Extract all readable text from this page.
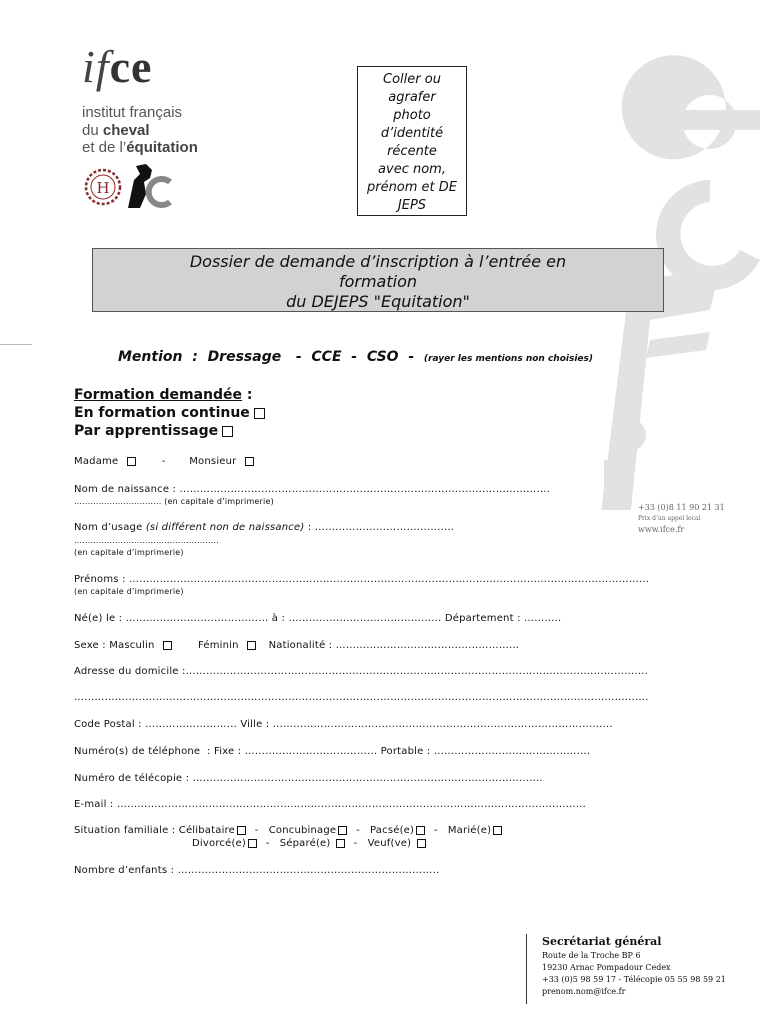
ifce
institut français
du cheval
et de l’équitation
H
Coller ou
agrafer
photo
d’identité
récente
avec nom,
prénom et DE
JEPS
Dossier de demande d’inscription à l’entrée en
formation
du DEJEPS "Equitation"
Mention  :  Dressage   -  CCE  -  CSO  -  (rayer les mentions non choisies)
Formation demandée :
En formation continue
Par apprentissage
Madame	- Monsieur
Nom de naissance : ……………………………………………………………………………………………….
………………………….. (en capitale d’imprimerie)
Nom d’usage (si différent non de naissance) : …………………………………..
……………………………………………..
(en capitale d’imprimerie)
Prénoms : ………………………………………………………………………………………………………………………………………
(en capitale d’imprimerie)
Né(e) le : …………………………………… à : ……………………………………… Département : ………..
Sexe : Masculin	Féminin	Nationalité : ………………………………………………
Adresse du domicile :……………………………………………………………………………………………………………………….
…………………………………………………………………………………………………………………………………………………….
Code Postal : ……………………… Ville : ……………………………………………………………………………………….
Numéro(s) de téléphone  : Fixe : ………………………………… Portable : ……………………………………….
Numéro de télécopie : ………………………………………………………………………………………….
E-mail : ………………………………………………………………………………………………………………………...
Situation familiale : Célibataire - Concubinage - Pacsé(e) - Marié(e)
Divorcé(e) - Séparé(e) - Veuf(ve)
Nombre d’enfants : …………………………………………………………………..
+33 (0)8 11 90 21 31
Prix d’un appel local
www.ifce.fr
Secrétariat général
Route de la Troche BP 6
19230 Arnac Pompadour Cedex
+33 (0)5 98 59 17 - Télécopie 05 55 98 59 21
prenom.nom@ifce.fr
